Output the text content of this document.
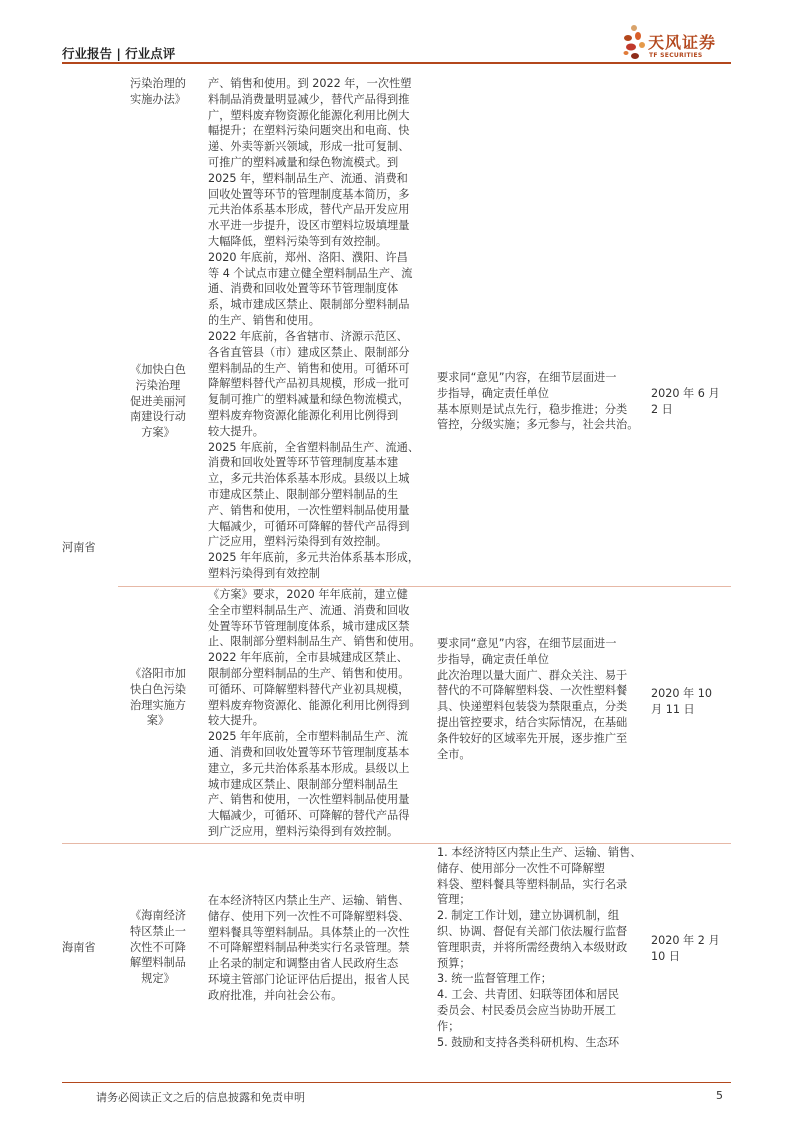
行业报告 | 行业点评
天风证券
TF SECURITIES
污染治理的
实施办法》
产、销售和使用。到 2022 年，一次性塑
料制品消费量明显减少，替代产品得到推
广，塑料废弃物资源化能源化利用比例大
幅提升；在塑料污染问题突出和电商、快
递、外卖等新兴领域，形成一批可复制、
可推广的塑料减量和绿色物流模式。到
2025 年，塑料制品生产、流通、消费和
回收处置等环节的管理制度基本简历，多
元共治体系基本形成，替代产品开发应用
水平进一步提升，设区市塑料垃圾填埋量
大幅降低，塑料污染等到有效控制。
2020 年底前，郑州、洛阳、濮阳、许昌
等 4 个试点市建立健全塑料制品生产、流
通、消费和回收处置等环节管理制度体
系，城市建成区禁止、限制部分塑料制品
的生产、销售和使用。
《加快白色
污染治理
促进美丽河
南建设行动
方案》
2022 年底前，各省辖市、济源示范区、
各省直管县（市）建成区禁止、限制部分
塑料制品的生产、销售和使用。可循环可
降解塑料替代产品初具规模，形成一批可
复制可推广的塑料减量和绿色物流模式，
塑料废弃物资源化能源化利用比例得到
较大提升。
2025 年底前，全省塑料制品生产、流通、
消费和回收处置等环节管理制度基本建
立，多元共治体系基本形成。县级以上城
市建成区禁止、限制部分塑料制品的生
产、销售和使用，一次性塑料制品使用量
大幅减少，可循环可降解的替代产品得到
广泛应用，塑料污染得到有效控制。
2025 年年底前，多元共治体系基本形成，
塑料污染得到有效控制
要求同“意见”内容，在细节层面进一
步指导，确定责任单位
基本原则是试点先行，稳步推进；分类
管控，分级实施；多元参与，社会共治。
2020 年 6 月
2 日
河南省
《洛阳市加
快白色污染
治理实施方
案》
《方案》要求，2020 年年底前，建立健
全全市塑料制品生产、流通、消费和回收
处置等环节管理制度体系，城市建成区禁
止、限制部分塑料制品生产、销售和使用。
2022 年年底前，全市县城建成区禁止、
限制部分塑料制品的生产、销售和使用。
可循环、可降解塑料替代产业初具规模，
塑料废弃物资源化、能源化利用比例得到
较大提升。
2025 年年底前，全市塑料制品生产、流
通、消费和回收处置等环节管理制度基本
建立，多元共治体系基本形成。县级以上
城市建成区禁止、限制部分塑料制品生
产、销售和使用，一次性塑料制品使用量
大幅减少，可循环、可降解的替代产品得
到广泛应用，塑料污染得到有效控制。
要求同“意见”内容，在细节层面进一
步指导，确定责任单位
此次治理以量大面广、群众关注、易于
替代的不可降解塑料袋、一次性塑料餐
具、快递塑料包装袋为禁限重点，分类
提出管控要求，结合实际情况，在基础
条件较好的区域率先开展，逐步推广至
全市。
2020 年 10
月 11 日
海南省
《海南经济
特区禁止一
次性不可降
解塑料制品
规定》
在本经济特区内禁止生产、运输、销售、
储存、使用下列一次性不可降解塑料袋、
塑料餐具等塑料制品。具体禁止的一次性
不可降解塑料制品种类实行名录管理。禁
止名录的制定和调整由省人民政府生态
环境主管部门论证评估后提出，报省人民
政府批准，并向社会公布。
1. 本经济特区内禁止生产、运输、销售、
储存、使用部分一次性不可降解塑
料袋、塑料餐具等塑料制品，实行名录
管理；
2. 制定工作计划，建立协调机制，组
织、协调、督促有关部门依法履行监督
管理职责，并将所需经费纳入本级财政
预算；
3. 统一监督管理工作；
4. 工会、共青团、妇联等团体和居民
委员会、村民委员会应当协助开展工
作；
5. 鼓励和支持各类科研机构、生态环
2020 年 2 月
10 日
请务必阅读正文之后的信息披露和免责申明	5
